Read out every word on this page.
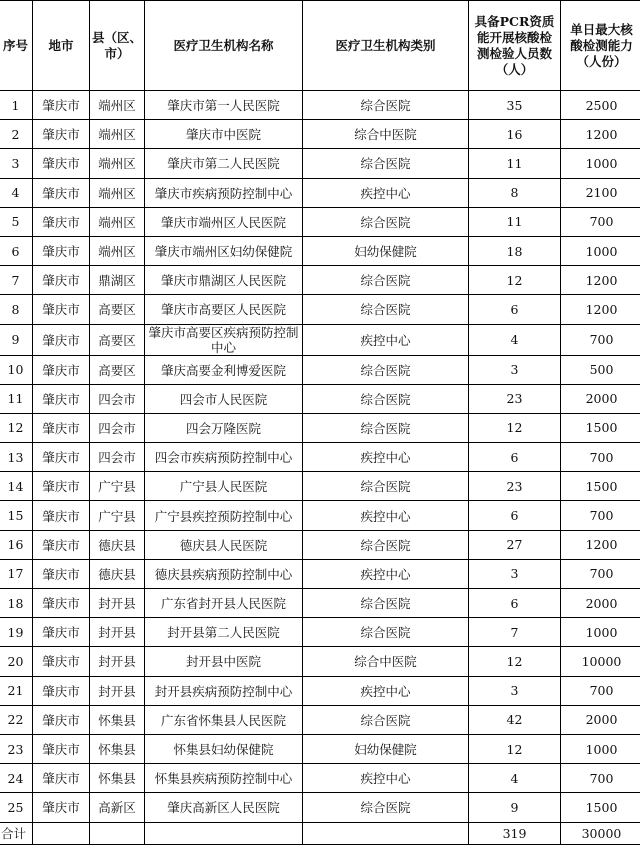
序号	地市	县（区、市）	医疗卫生机构名称	医疗卫生机构类别	具备PCR资质能开展核酸检测检验人员数（人）	单日最大核酸检测能力（人份）
1	肇庆市	端州区	肇庆市第一人民医院	综合医院	35	2500
2	肇庆市	端州区	肇庆市中医院	综合中医院	16	1200
3	肇庆市	端州区	肇庆市第二人民医院	综合医院	11	1000
4	肇庆市	端州区	肇庆市疾病预防控制中心	疾控中心	8	2100
5	肇庆市	端州区	肇庆市端州区人民医院	综合医院	11	700
6	肇庆市	端州区	肇庆市端州区妇幼保健院	妇幼保健院	18	1000
7	肇庆市	鼎湖区	肇庆市鼎湖区人民医院	综合医院	12	1200
8	肇庆市	高要区	肇庆市高要区人民医院	综合医院	6	1200
9	肇庆市	高要区	肇庆市高要区疾病预防控制中心	疾控中心	4	700
10	肇庆市	高要区	肇庆高要金利博爱医院	综合医院	3	500
11	肇庆市	四会市	四会市人民医院	综合医院	23	2000
12	肇庆市	四会市	四会万隆医院	综合医院	12	1500
13	肇庆市	四会市	四会市疾病预防控制中心	疾控中心	6	700
14	肇庆市	广宁县	广宁县人民医院	综合医院	23	1500
15	肇庆市	广宁县	广宁县疾控预防控制中心	疾控中心	6	700
16	肇庆市	德庆县	德庆县人民医院	综合医院	27	1200
17	肇庆市	德庆县	德庆县疾病预防控制中心	疾控中心	3	700
18	肇庆市	封开县	广东省封开县人民医院	综合医院	6	2000
19	肇庆市	封开县	封开县第二人民医院	综合医院	7	1000
20	肇庆市	封开县	封开县中医院	综合中医院	12	10000
21	肇庆市	封开县	封开县疾病预防控制中心	疾控中心	3	700
22	肇庆市	怀集县	广东省怀集县人民医院	综合医院	42	2000
23	肇庆市	怀集县	怀集县妇幼保健院	妇幼保健院	12	1000
24	肇庆市	怀集县	怀集县疾病预防控制中心	疾控中心	4	700
25	肇庆市	高新区	肇庆高新区人民医院	综合医院	9	1500
合计					319	30000
